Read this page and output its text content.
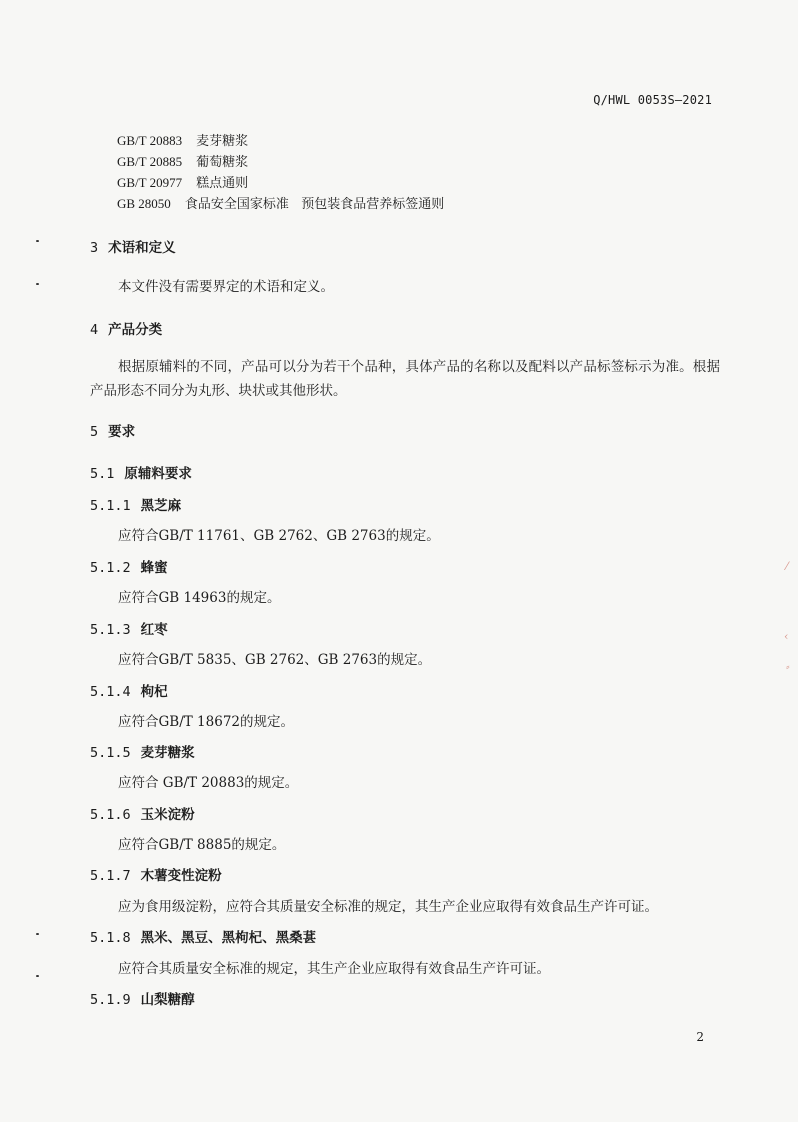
Q/HWL 0053S—2021
GB/T 20883 麦芽糖浆
GB/T 20885 葡萄糖浆
GB/T 20977 糕点通则
GB 28050 食品安全国家标准   预包装食品营养标签通则
3 术语和定义
本文件没有需要界定的术语和定义。
4 产品分类
根据原辅料的不同，产品可以分为若干个品种，具体产品的名称以及配料以产品标签标示为准。根据产品形态不同分为丸形、块状或其他形状。
5 要求
5.1 原辅料要求
5.1.1 黑芝麻
应符合GB/T 11761、GB 2762、GB 2763的规定。
5.1.2 蜂蜜
应符合GB 14963的规定。
5.1.3 红枣
应符合GB/T 5835、GB 2762、GB 2763的规定。
5.1.4 枸杞
应符合GB/T 18672的规定。
5.1.5 麦芽糖浆
应符合 GB/T 20883的规定。
5.1.6 玉米淀粉
应符合GB/T 8885的规定。
5.1.7 木薯变性淀粉
应为食用级淀粉，应符合其质量安全标准的规定，其生产企业应取得有效食品生产许可证。
5.1.8 黑米、黑豆、黑枸杞、黑桑葚
应符合其质量安全标准的规定，其生产企业应取得有效食品生产许可证。
5.1.9 山梨糖醇
2
⁄
‹
⸗
